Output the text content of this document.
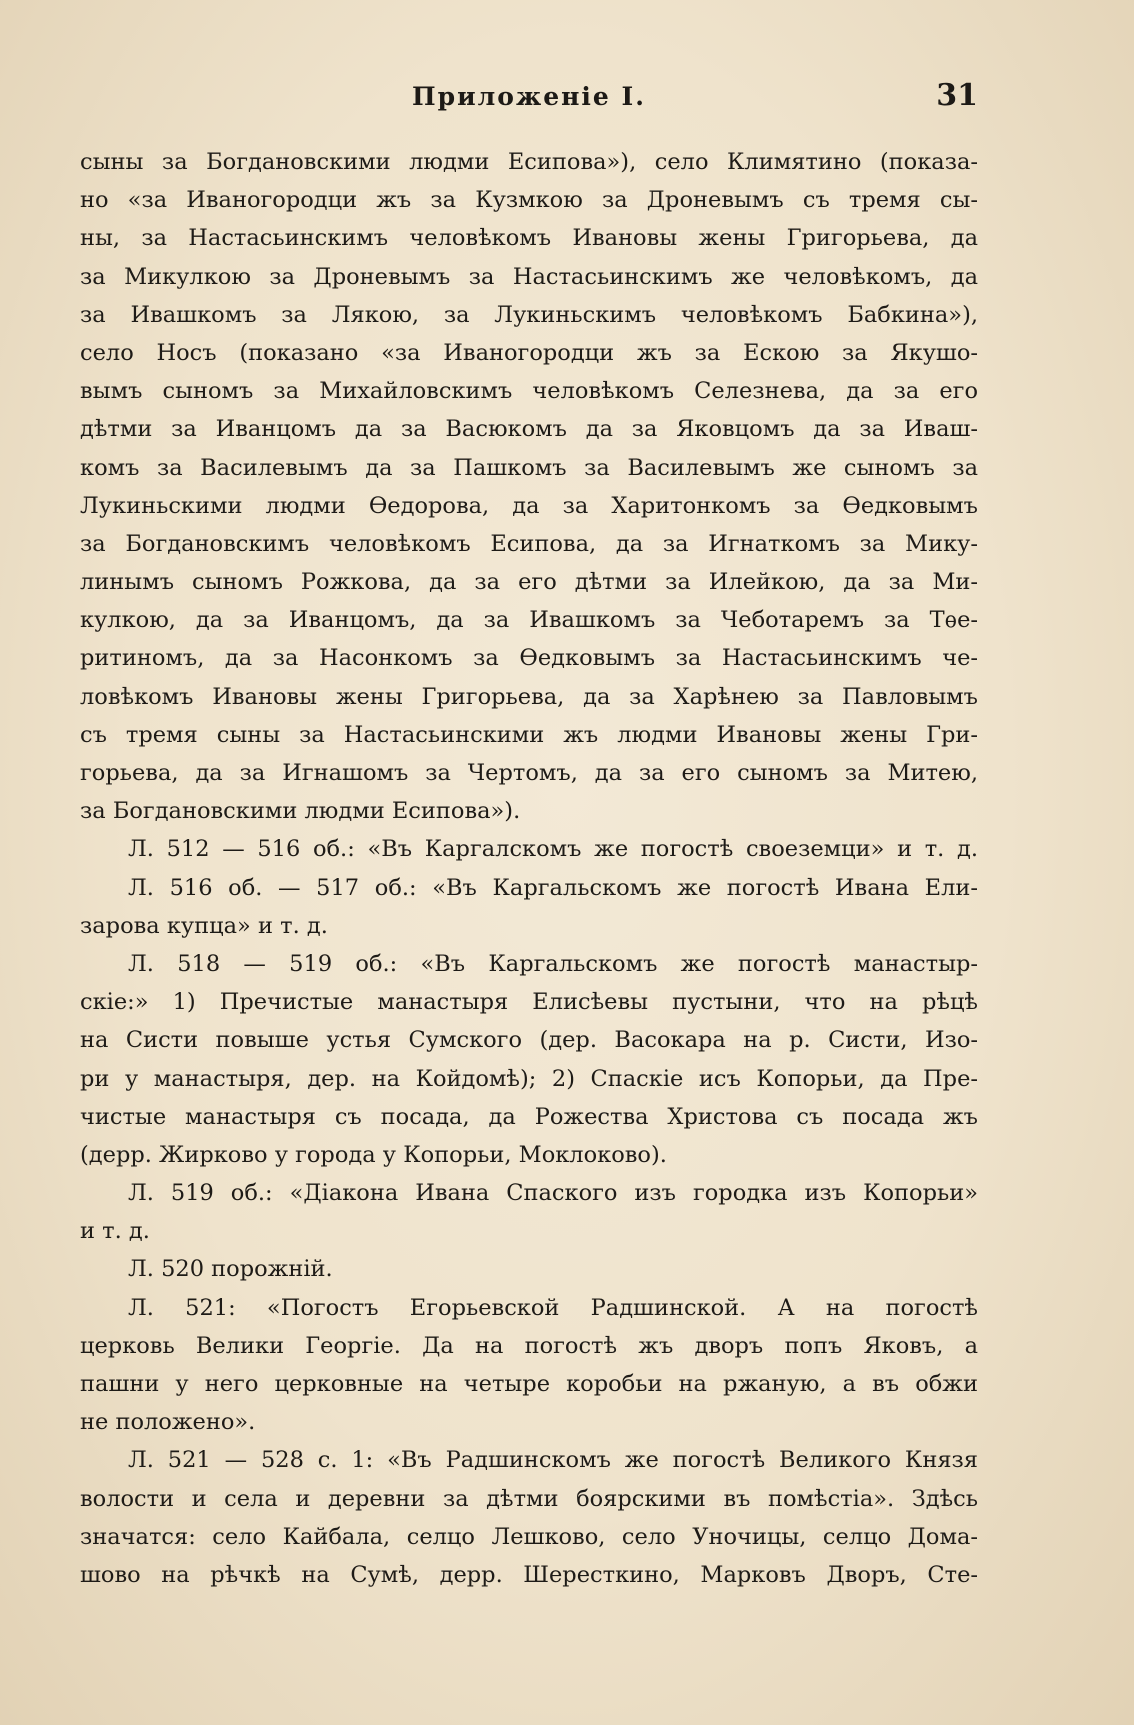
Приложенiе I.	31
сыны за Богдановскими людми Есипова»), село Климятино (показа-
но «за Иваногородци жъ за Кузмкою за Дроневымъ съ тремя сы-
ны, за Настасьинскимъ человѣкомъ Ивановы жены Григорьева, да
за Микулкою за Дроневымъ за Настасьинскимъ же человѣкомъ, да
за Ивашкомъ за Лякою, за Лукиньскимъ человѣкомъ Бабкина»),
село Носъ (показано «за Иваногородци жъ за Ескою за Якушо-
вымъ сыномъ за Михайловскимъ человѣкомъ Селезнева, да за его
дѣтми за Иванцомъ да за Васюкомъ да за Яковцомъ да за Иваш-
комъ за Василевымъ да за Пашкомъ за Василевымъ же сыномъ за
Лукиньскими людми Өедорова, да за Харитонкомъ за Өедковымъ
за Богдановскимъ человѣкомъ Есипова, да за Игнаткомъ за Мику-
линымъ сыномъ Рожкова, да за его дѣтми за Илейкою, да за Ми-
кулкою, да за Иванцомъ, да за Ивашкомъ за Чеботаремъ за Тѳе-
ритиномъ, да за Насонкомъ за Өедковымъ за Настасьинскимъ че-
ловѣкомъ Ивановы жены Григорьева, да за Харѣнею за Павловымъ
съ тремя сыны за Настасьинскими жъ людми Ивановы жены Гри-
горьева, да за Игнашомъ за Чертомъ, да за его сыномъ за Митею,
за Богдановскими людми Есипова»).
Л. 512 — 516 об.: «Въ Каргалскомъ же погостѣ своеземци» и т. д.
Л. 516 об. — 517 об.: «Въ Каргальскомъ же погостѣ Ивана Ели-
зарова купца» и т. д.
Л. 518 — 519 об.: «Въ Каргальскомъ же погостѣ манастыр-
скiе:» 1) Пречистые манастыря Елисѣевы пустыни, что на рѣцѣ
на Систи повыше устья Сумского (дер. Васокара на р. Систи, Изо-
ри у манастыря, дер. на Койдомѣ); 2) Спаскiе исъ Копорьи, да Пре-
чистые манастыря съ посада, да Рожества Христова съ посада жъ
(дерр. Жирково у города у Копорьи, Моклоково).
Л. 519 об.: «Дiакона Ивана Спаского изъ городка изъ Копорьи»
и т. д.
Л. 520 порожнiй.
Л. 521: «Погостъ Егорьевской Радшинской. А на погостѣ
церковь Велики Георгiе. Да на погостѣ жъ дворъ попъ Яковъ, а
пашни у него церковные на четыре коробьи на ржаную, а въ обжи
не положено».
Л. 521 — 528 с. 1: «Въ Радшинскомъ же погостѣ Великого Князя
волости и села и деревни за дѣтми боярскими въ помѣстiа». Здѣсь
значатся: село Кайбала, селцо Лешково, село Уночицы, селцо Дома-
шово на рѣчкѣ на Сумѣ, дерр. Шересткино, Марковъ Дворъ, Сте-
